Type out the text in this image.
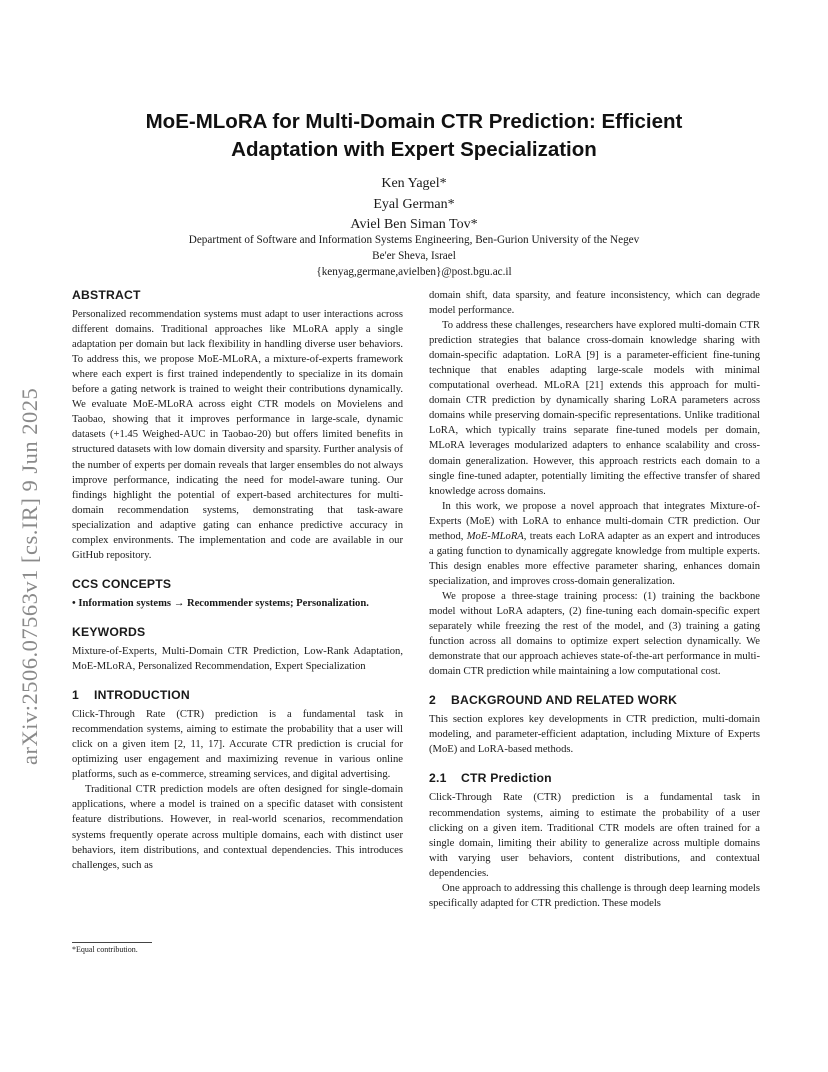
arXiv:2506.07563v1 [cs.IR] 9 Jun 2025
MoE-MLoRA for Multi-Domain CTR Prediction: Efficient
Adaptation with Expert Specialization
Ken Yagel*
Eyal German*
Aviel Ben Siman Tov*
Department of Software and Information Systems Engineering, Ben-Gurion University of the Negev
Be'er Sheva, Israel
{kenyag,germane,avielben}@post.bgu.ac.il
ABSTRACT

Personalized recommendation systems must adapt to user interactions across different domains. Traditional approaches like MLoRA apply a single adaptation per domain but lack flexibility in handling diverse user behaviors. To address this, we propose MoE-MLoRA, a mixture-of-experts framework where each expert is first trained independently to specialize in its domain before a gating network is trained to weight their contributions dynamically. We evaluate MoE-MLoRA across eight CTR models on Movielens and Taobao, showing that it improves performance in large-scale, dynamic datasets (+1.45 Weighed-AUC in Taobao-20) but offers limited benefits in structured datasets with low domain diversity and sparsity. Further analysis of the number of experts per domain reveals that larger ensembles do not always improve performance, indicating the need for model-aware tuning. Our findings highlight the potential of expert-based architectures for multi-domain recommendation systems, demonstrating that task-aware specialization and adaptive gating can enhance predictive accuracy in complex environments. The implementation and code are available in our GitHub repository.

CCS CONCEPTS

• Information systems → Recommender systems; Personalization.

KEYWORDS

Mixture-of-Experts, Multi-Domain CTR Prediction, Low-Rank Adaptation, MoE-MLoRA, Personalized Recommendation, Expert Specialization

1 INTRODUCTION

Click-Through Rate (CTR) prediction is a fundamental task in recommendation systems, aiming to estimate the probability that a user will click on a given item [2, 11, 17]. Accurate CTR prediction is crucial for optimizing user engagement and maximizing revenue in various online platforms, such as e-commerce, streaming services, and digital advertising.

Traditional CTR prediction models are often designed for single-domain applications, where a model is trained on a specific dataset with consistent feature distributions. However, in real-world scenarios, recommendation systems frequently operate across multiple domains, each with distinct user behaviors, item distributions, and contextual dependencies. This introduces challenges, such as

*Equal contribution.

domain shift, data sparsity, and feature inconsistency, which can degrade model performance.

To address these challenges, researchers have explored multi-domain CTR prediction strategies that balance cross-domain knowledge sharing with domain-specific adaptation. LoRA [9] is a parameter-efficient fine-tuning technique that enables adapting large-scale models with minimal computational overhead. MLoRA [21] extends this approach for multi-domain CTR prediction by dynamically sharing LoRA parameters across domains while preserving domain-specific representations. Unlike traditional LoRA, which typically trains separate fine-tuned models per domain, MLoRA leverages modularized adapters to enhance scalability and cross-domain generalization. However, this approach restricts each domain to a single fine-tuned adapter, potentially limiting the effective transfer of shared knowledge across domains.

In this work, we propose a novel approach that integrates Mixture-of-Experts (MoE) with LoRA to enhance multi-domain CTR prediction. Our method, MoE-MLoRA, treats each LoRA adapter as an expert and introduces a gating function to dynamically aggregate knowledge from multiple experts. This design enables more effective parameter sharing, enhances domain specialization, and improves cross-domain generalization.

We propose a three-stage training process: (1) training the backbone model without LoRA adapters, (2) fine-tuning each domain-specific expert separately while freezing the rest of the model, and (3) training a gating function across all domains to optimize expert selection dynamically. We demonstrate that our approach achieves state-of-the-art performance in multi-domain CTR prediction while maintaining a low computational cost.

2 BACKGROUND AND RELATED WORK

This section explores key developments in CTR prediction, multi-domain modeling, and parameter-efficient adaptation, including Mixture of Experts (MoE) and LoRA-based methods.

2.1 CTR Prediction

Click-Through Rate (CTR) prediction is a fundamental task in recommendation systems, aiming to estimate the probability of a user clicking on a given item. Traditional CTR models are often trained for a single domain, limiting their ability to generalize across multiple domains with varying user behaviors, content distributions, and contextual dependencies.

One approach to addressing this challenge is through deep learning models specifically adapted for CTR prediction. These models
